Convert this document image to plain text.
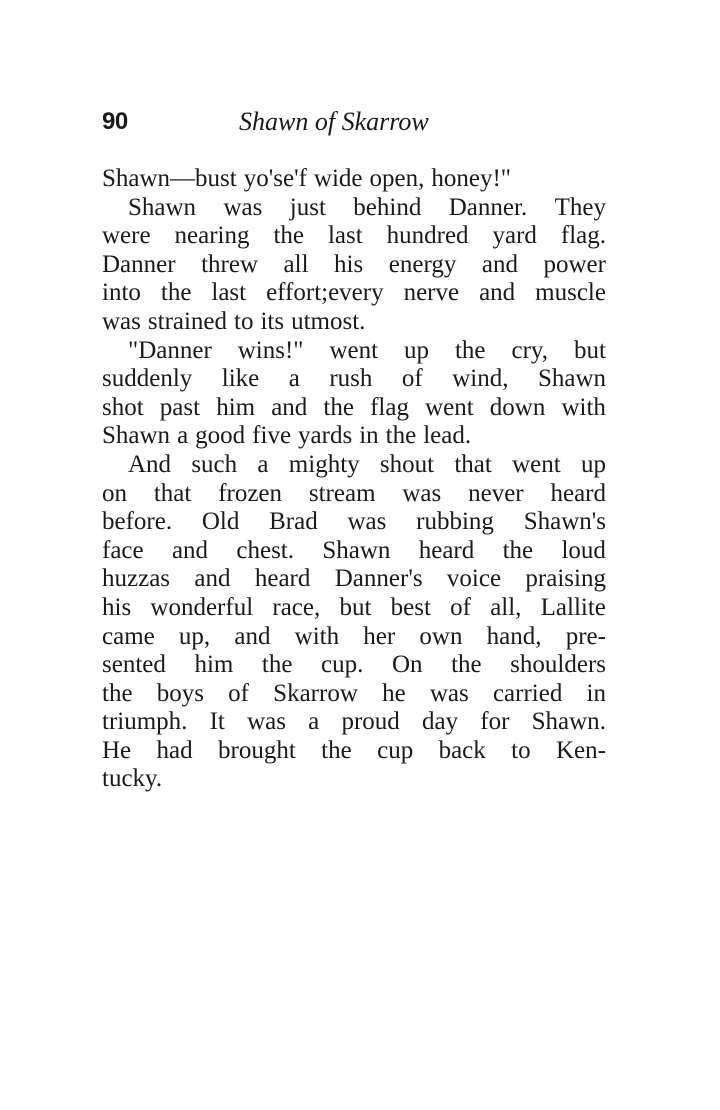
90	Shawn of Skarrow
Shawn—bust yo'se'f wide open, honey!"
Shawn was just behind Danner. They
were nearing the last hundred yard flag.
Danner threw all his energy and power
into the last effort;every nerve and muscle
was strained to its utmost.
"Danner wins!" went up the cry, but
suddenly like a rush of wind, Shawn
shot past him and the flag went down with
Shawn a good five yards in the lead.
And such a mighty shout that went up
on that frozen stream was never heard
before. Old Brad was rubbing Shawn's
face and chest. Shawn heard the loud
huzzas and heard Danner's voice praising
his wonderful race, but best of all, Lallite
came up, and with her own hand, pre-
sented him the cup. On the shoulders
the boys of Skarrow he was carried in
triumph. It was a proud day for Shawn.
He had brought the cup back to Ken-
tucky.
